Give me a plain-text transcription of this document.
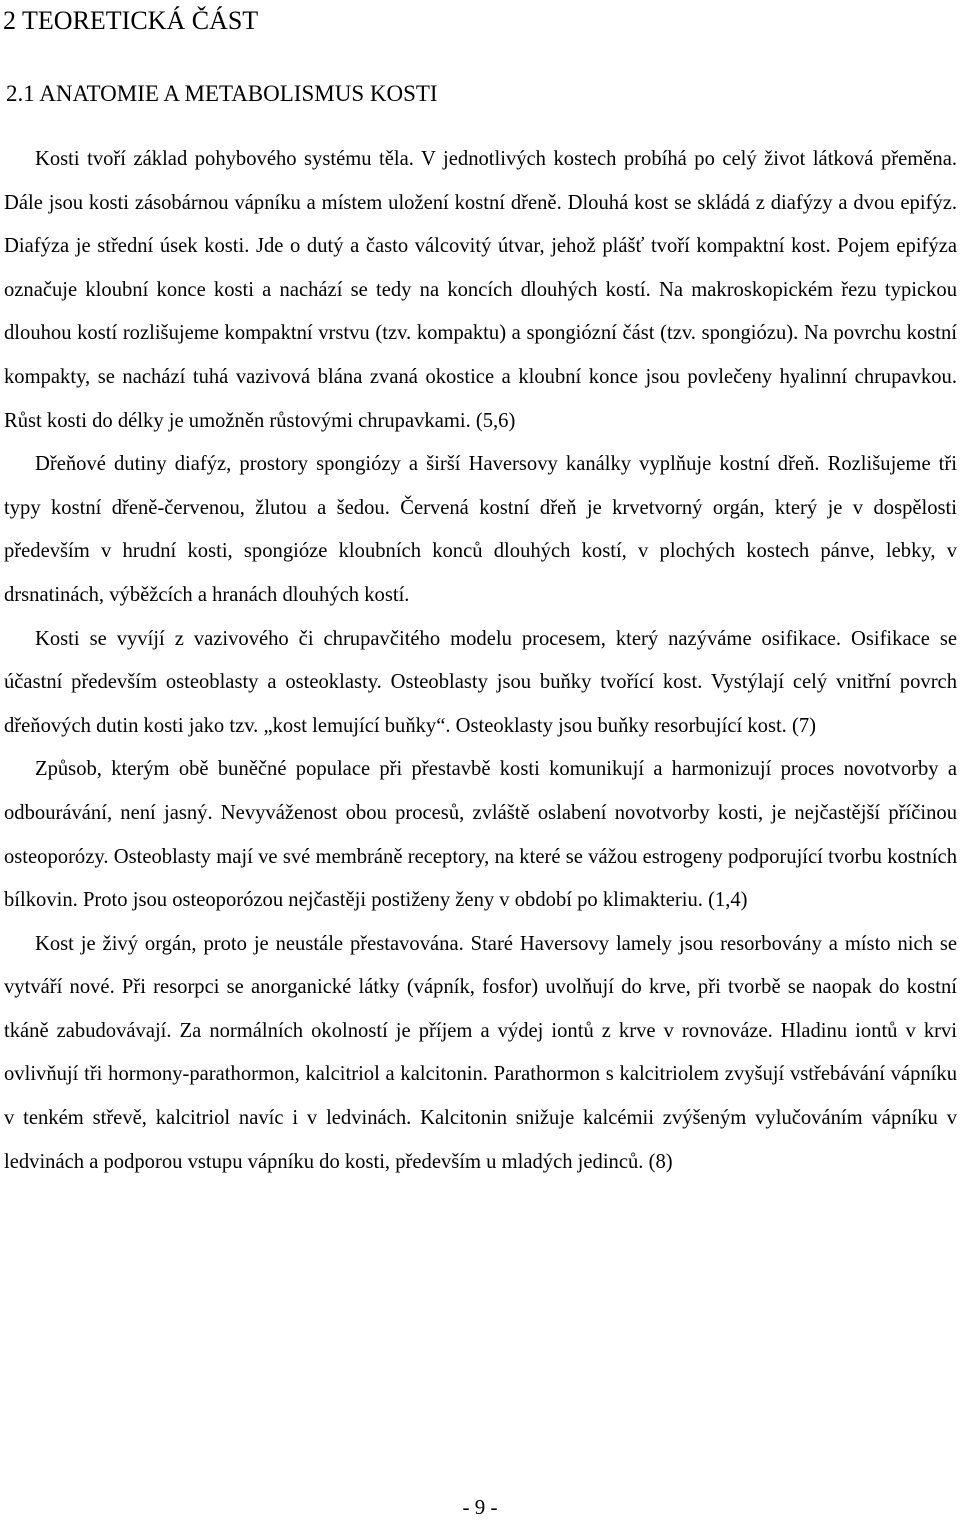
2 TEORETICKÁ ČÁST
2.1 ANATOMIE A METABOLISMUS KOSTI

Kosti tvoří základ pohybového systému těla. V jednotlivých kostech probíhá po celý život látková přeměna. Dále jsou kosti zásobárnou vápníku a místem uložení kostní dřeně. Dlouhá kost se skládá z diafýzy a dvou epifýz. Diafýza je střední úsek kosti. Jde o dutý a často válcovitý útvar, jehož plášť tvoří kompaktní kost. Pojem epifýza označuje kloubní konce kosti a nachází se tedy na koncích dlouhých kostí. Na makroskopickém řezu typickou dlouhou kostí rozlišujeme kompaktní vrstvu (tzv. kompaktu) a spongiózní část (tzv. spongiózu). Na povrchu kostní kompakty, se nachází tuhá vazivová blána zvaná okostice a kloubní konce jsou povlečeny hyalinní chrupavkou. Růst kosti do délky je umožněn růstovými chrupavkami. (5,6)

Dřeňové dutiny diafýz, prostory spongiózy a širší Haversovy kanálky vyplňuje kostní dřeň. Rozlišujeme tři typy kostní dřeně-červenou, žlutou a šedou. Červená kostní dřeň je krvetvorný orgán, který je v dospělosti především v hrudní kosti, spongióze kloubních konců dlouhých kostí, v plochých kostech pánve, lebky, v drsnatinách, výběžcích a hranách dlouhých kostí.

Kosti se vyvíjí z vazivového či chrupavčitého modelu procesem, který nazýváme osifikace. Osifikace se účastní především osteoblasty a osteoklasty. Osteoblasty jsou buňky tvořící kost. Vystýlají celý vnitřní povrch dřeňových dutin kosti jako tzv. „kost lemující buňky“. Osteoklasty jsou buňky resorbující kost. (7)

Způsob, kterým obě buněčné populace při přestavbě kosti komunikují a harmonizují proces novotvorby a odbourávání, není jasný. Nevyváženost obou procesů, zvláště oslabení novotvorby kosti, je nejčastější příčinou osteoporózy. Osteoblasty mají ve své membráně receptory, na které se vážou estrogeny podporující tvorbu kostních bílkovin. Proto jsou osteoporózou nejčastěji postiženy ženy v období po klimakteriu. (1,4)

Kost je živý orgán, proto je neustále přestavována. Staré Haversovy lamely jsou resorbovány a místo nich se vytváří nové. Při resorpci se anorganické látky (vápník, fosfor) uvolňují do krve, při tvorbě se naopak do kostní tkáně zabudovávají. Za normálních okolností je příjem a výdej iontů z krve v rovnováze. Hladinu iontů v krvi ovlivňují tři hormony-parathormon, kalcitriol a kalcitonin. Parathormon s kalcitriolem zvyšují vstřebávání vápníku v tenkém střevě, kalcitriol navíc i v ledvinách. Kalcitonin snižuje kalcémii zvýšeným vylučováním vápníku v ledvinách a podporou vstupu vápníku do kosti, především u mladých jedinců. (8)

- 9 -
